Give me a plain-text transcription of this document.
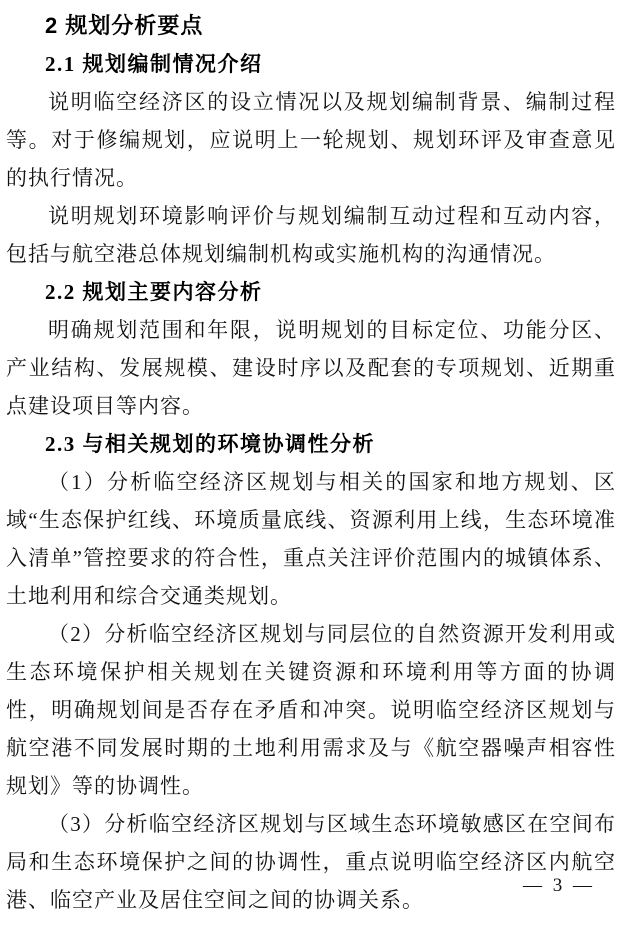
2 规划分析要点
2.1 规划编制情况介绍

说明临空经济区的设立情况以及规划编制背景、编制过程等。对于修编规划，应说明上一轮规划、规划环评及审查意见的执行情况。

说明规划环境影响评价与规划编制互动过程和互动内容，包括与航空港总体规划编制机构或实施机构的沟通情况。

2.2 规划主要内容分析

明确规划范围和年限，说明规划的目标定位、功能分区、产业结构、发展规模、建设时序以及配套的专项规划、近期重点建设项目等内容。

2.3 与相关规划的环境协调性分析

（1）分析临空经济区规划与相关的国家和地方规划、区域“生态保护红线、环境质量底线、资源利用上线，生态环境准入清单”管控要求的符合性，重点关注评价范围内的城镇体系、土地利用和综合交通类规划。

（2）分析临空经济区规划与同层位的自然资源开发利用或生态环境保护相关规划在关键资源和环境利用等方面的协调性，明确规划间是否存在矛盾和冲突。说明临空经济区规划与航空港不同发展时期的土地利用需求及与《航空器噪声相容性规划》等的协调性。

（3）分析临空经济区规划与区域生态环境敏感区在空间布局和生态环境保护之间的协调性，重点说明临空经济区内航空港、临空产业及居住空间之间的协调关系。

— 3 —
